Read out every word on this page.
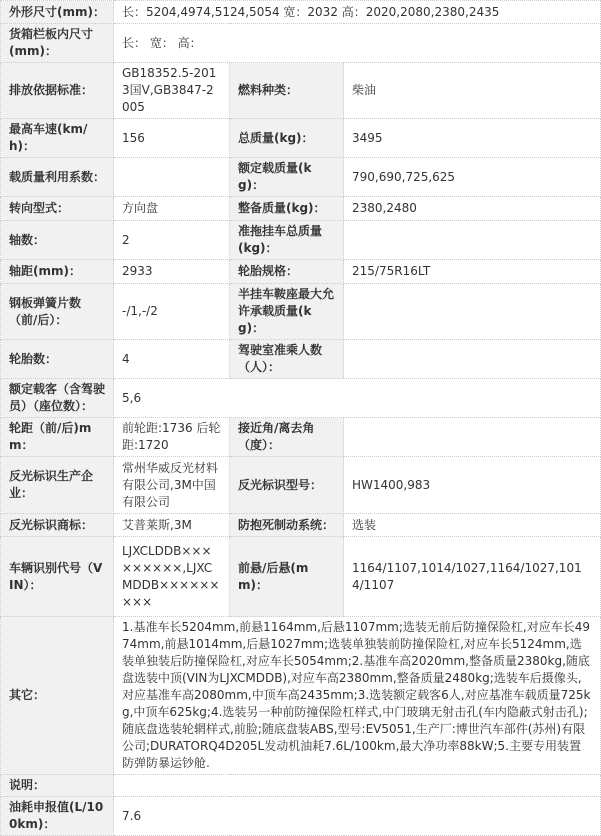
外形尺寸(mm)：	长：5204,4974,5124,5054 宽：2032 高：2020,2080,2380,2435		
货箱栏板内尺寸(mm)：	长： 宽： 高：		
排放依据标准：	GB18352.5-2013国V,GB3847-2005	燃料种类：	柴油
最高车速(km/h)：	156	总质量(kg)：	3495
载质量利用系数：		额定载质量(kg)：	790,690,725,625
转向型式：	方向盘	整备质量(kg)：	2380,2480
轴数：	2	准拖挂车总质量(kg)：	
轴距(mm)：	2933	轮胎规格：	215/75R16LT
钢板弹簧片数（前/后）：	-/1,-/2	半挂车鞍座最大允许承载质量(kg)：	
轮胎数：	4	驾驶室准乘人数（人）：	
额定载客（含驾驶员）（座位数）：	5,6		
轮距（前/后)mm：	前轮距:1736 后轮距:1720	接近角/离去角（度）：	
反光标识生产企业：	常州华威反光材料有限公司,3M中国有限公司	反光标识型号：	HW1400,983
反光标识商标：	艾普莱斯,3M	防抱死制动系统：	选装
车辆识别代号（VIN）：	LJXCLDDB×××××××××,LJXCMDDB×××××××××	前悬/后悬(mm)：	1164/1107,1014/1027,1164/1027,1014/1107
其它：	1.基准车长5204mm,前悬1164mm,后悬1107mm;选装无前后防撞保险杠,对应车长4974mm,前悬1014mm,后悬1027mm;选装单独装前防撞保险杠,对应车长5124mm,选装单独装后防撞保险杠,对应车长5054mm;2.基准车高2020mm,整备质量2380kg,随底盘选装中顶(VIN为LJXCMDDB),对应车高2380mm,整备质量2480kg;选装车后摄像头,对应基准车高2080mm,中顶车高2435mm;3.选装额定载客6人,对应基准车载质量725kg,中顶车625kg;4.选装另一种前防撞保险杠样式,中门玻璃无射击孔(车内隐蔽式射击孔);随底盘选装轮辋样式,前脸;随底盘装ABS,型号:EV5051,生产厂:博世汽车部件(苏州)有限公司;DURATORQ4D205L发动机油耗7.6L/100km,最大净功率88kW;5.主要专用装置防弹防暴运钞舱.		
说明：			
油耗申报值(L/100km)：	7.6		
